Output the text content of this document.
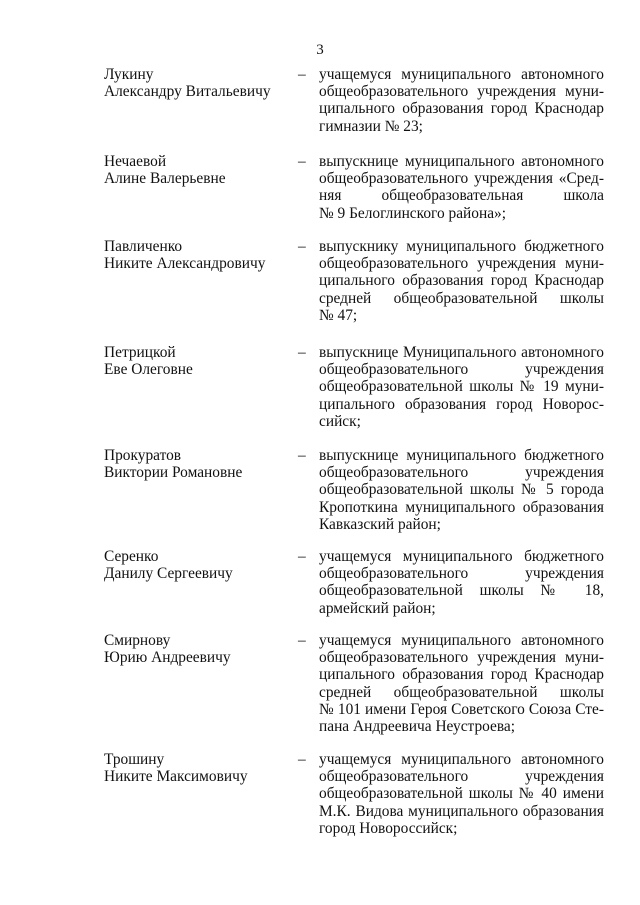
3
Лукину
Александру Витальевичу
– учащемуся муниципального автономного
общеобразовательного учреждения муни-
ципального образования город Краснодар
гимназии № 23;
Нечаевой
Алине Валерьевне
– выпускнице муниципального автономного
общеобразовательного учреждения «Сред-
няя общеобразовательная школа
№ 9 Белоглинского района»;
Павличенко
Никите Александровичу
– выпускнику муниципального бюджетного
общеобразовательного учреждения муни-
ципального образования город Краснодар
средней общеобразовательной школы
№ 47;
Петрицкой
Еве Олеговне
– выпускнице Муниципального автономного
общеобразовательного учреждения
общеобразовательной школы № 19 муни-
ципального образования город Новорос-
сийск;
Прокуратов
Виктории Романовне
– выпускнице муниципального бюджетного
общеобразовательного учреждения
общеобразовательной школы № 5 города
Кропоткина муниципального образования
Кавказский район;
Серенко
Данилу Сергеевичу
– учащемуся муниципального бюджетного
общеобразовательного учреждения
общеобразовательной школы № 18,
армейский район;
Смирнову
Юрию Андреевичу
– учащемуся муниципального автономного
общеобразовательного учреждения муни-
ципального образования город Краснодар
средней общеобразовательной школы
№ 101 имени Героя Советского Союза Сте-
пана Андреевича Неустроева;
Трошину
Никите Максимовичу
– учащемуся муниципального автономного
общеобразовательного учреждения
общеобразовательной школы № 40 имени
М.К. Видова муниципального образования
город Новороссийск;
